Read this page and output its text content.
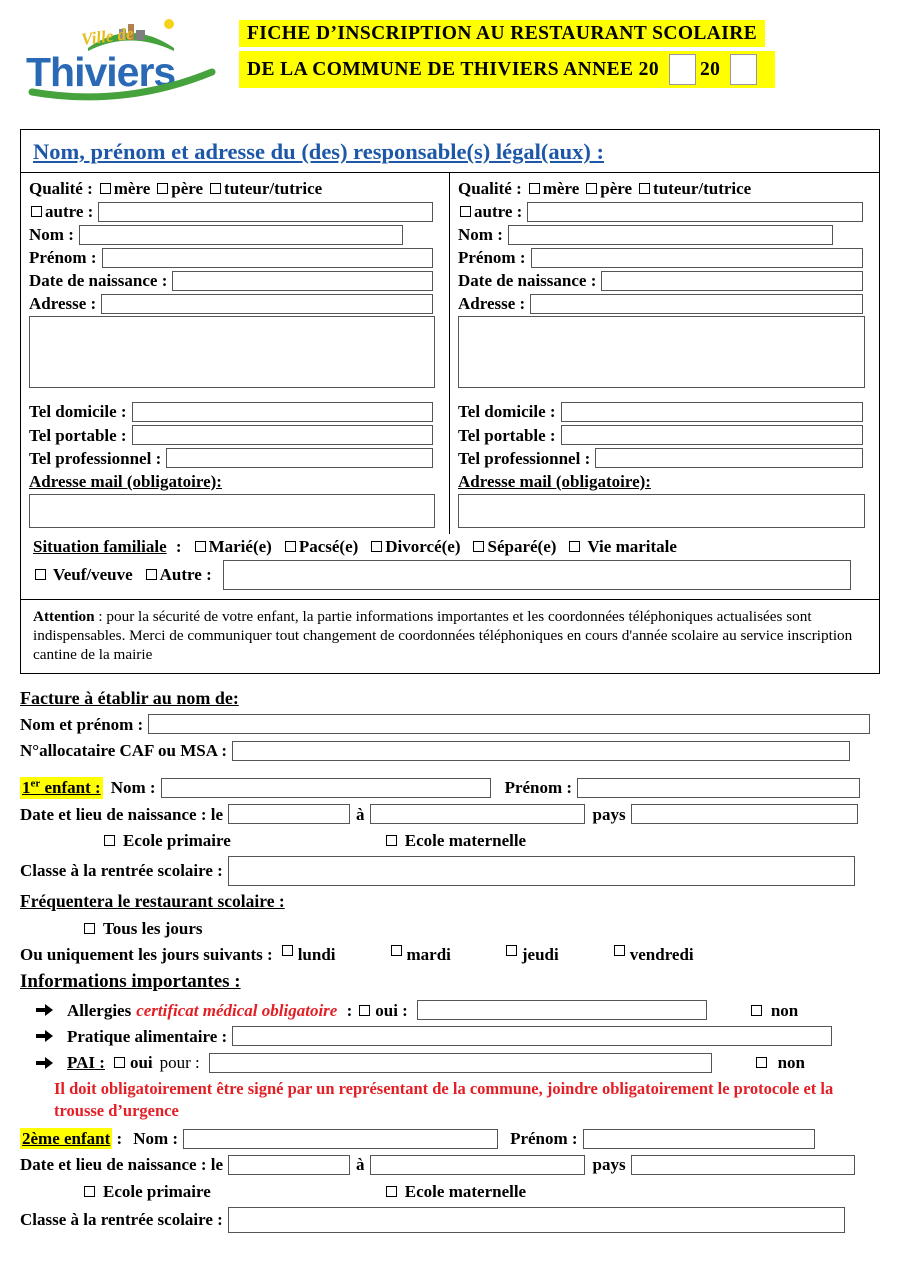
Ville de
Thiviers
FICHE D’INSCRIPTION AU RESTAURANT SCOLAIRE

DE LA COMMUNE DE THIVIERS ANNEE 20 20
Nom, prénom et adresse du (des) responsable(s) légal(aux) :
Qualité : mère père tuteur/tutrice
autre :
Nom :
Prénom :
Date de naissance :
Adresse :
Tel domicile :
Tel portable :
Tel professionnel :
Adresse mail (obligatoire):
Qualité : mère père tuteur/tutrice
autre :
Nom :
Prénom :
Date de naissance :
Adresse :
Tel domicile :
Tel portable :
Tel professionnel :
Adresse mail (obligatoire):
Situation familiale : Marié(e) Pacsé(e) Divorcé(e) Séparé(e) Vie maritale
Veuf/veuve Autre :
Attention : pour la sécurité de votre enfant, la partie informations importantes et les coordonnées téléphoniques actualisées sont indispensables. Merci de communiquer tout changement de coordonnées téléphoniques en cours d'année scolaire au service inscription cantine de la mairie
Facture à établir au nom de:
Nom et prénom :
N°allocataire CAF ou MSA :
1er enfant : Nom :	Prénom :
Date et lieu de naissance : le	à	pays
Ecole primaire	Ecole maternelle
Classe à la rentrée scolaire :
Fréquentera le restaurant scolaire :
Tous les jours
Ou uniquement les jours suivants : lundi	mardi	jeudi	vendredi
Informations importantes :
Allergies certificat médical obligatoire : oui :	non
Pratique alimentaire :
PAI : oui pour :	non
Il doit obligatoirement être signé par un représentant de la commune, joindre obligatoirement le protocole et la trousse d’urgence
2ème enfant : Nom :	Prénom :
Date et lieu de naissance : le	à	pays
Ecole primaire	Ecole maternelle
Classe à la rentrée scolaire :
